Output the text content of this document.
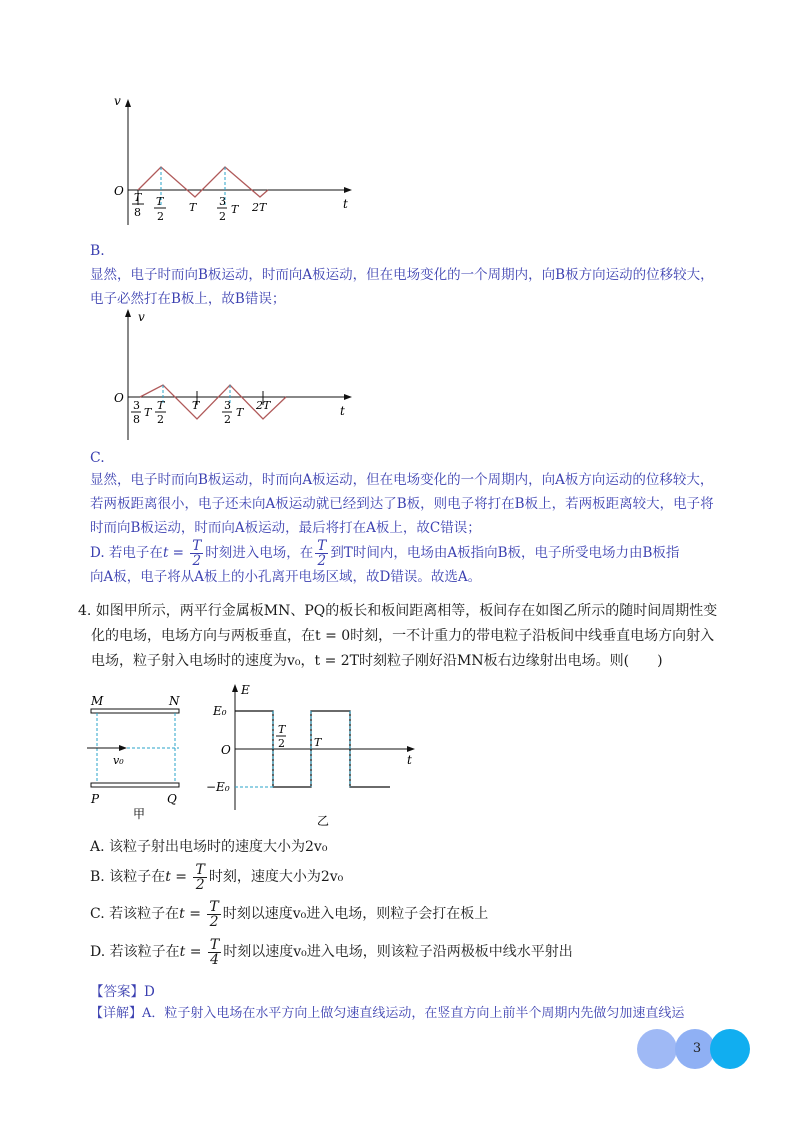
v
O
t
T
8
T
2
T 3
2
T 2T
B.
显然，电子时而向B板运动，时而向A板运动，但在电场变化的一个周期内，向B板方向运动的位移较大，
电子必然打在B板上，故B错误；
v
O
t
3
8
T
T
2
T 3
2
T
2T
C.
显然，电子时而向B板运动，时而向A板运动，但在电场变化的一个周期内，向A板方向运动的位移较大，
若两板距离很小，电子还未向A板运动就已经到达了B板，则电子将打在B板上，若两板距离较大，电子将
时而向B板运动，时而向A板运动，最后将打在A板上，故C错误；
D. 若电子在$t = \frac{T}{2}$ 时刻进入电场，在 $\frac{T}{2}$ 到T时间内，电场由A板指向B板，电子所受电场力由B板指
向A板，电子将从A板上的小孔离开电场区域，故D错误。故选A。
4. 如图甲所示，两平行金属板MN、PQ的板长和板间距离相等，板间存在如图乙所示的随时间周期性变
化的电场，电场方向与两板垂直，在t = 0时刻，一不计重力的带电粒子沿板间中线垂直电场方向射入
电场，粒子射入电场时的速度为v₀，t = 2T时刻粒子刚好沿MN板右边缘射出电场。则(　　)
M	N
P	Q
v₀
甲
E
E₀
−E₀
O
t
T
2	T
乙
A. 该粒子射出电场时的速度大小为2v₀
B. 该粒子在$t = \frac{T}{2}$ 时刻，速度大小为2v₀
C. 若该粒子在$t = \frac{T}{2}$ 时刻以速度v₀进入电场，则粒子会打在板上
D. 若该粒子在$t = \frac{T}{4}$ 时刻以速度v₀进入电场，则该粒子沿两极板中线水平射出
【答案】D
【详解】A．粒子射入电场在水平方向上做匀速直线运动，在竖直方向上前半个周期内先做匀加速直线运
3
